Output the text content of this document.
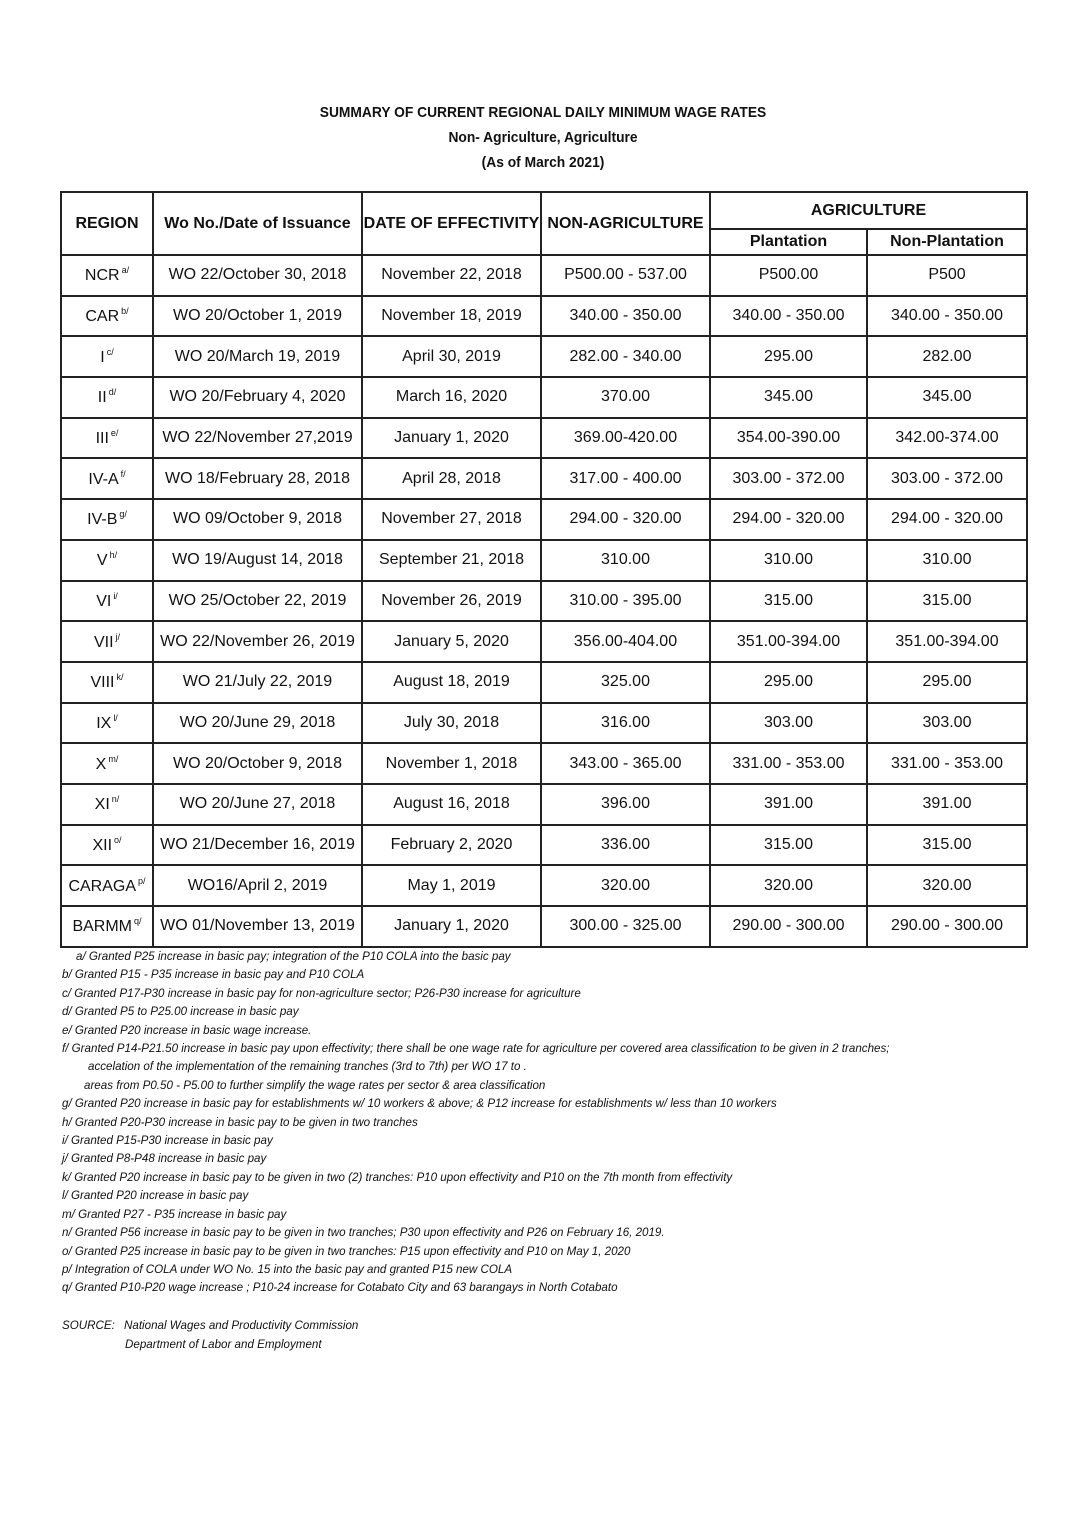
SUMMARY OF CURRENT REGIONAL DAILY MINIMUM WAGE RATES
Non- Agriculture, Agriculture
(As of March 2021)
REGION	Wo No./Date of Issuance	DATE OF EFFECTIVITY	NON-AGRICULTURE	AGRICULTURE	
				Plantation	Non-Plantation
NCR $^{a/}$	WO 22/October 30, 2018	November 22, 2018	P500.00 - 537.00	P500.00	P500
CAR $^{b/}$	WO 20/October 1, 2019	November 18, 2019	340.00 - 350.00	340.00 - 350.00	340.00 - 350.00
I $^{c/}$	WO 20/March 19, 2019	April 30, 2019	282.00 - 340.00	295.00	282.00
II $^{d/}$	WO 20/February 4, 2020	March 16, 2020	370.00	345.00	345.00
III $^{e/}$	WO 22/November 27,2019	January 1, 2020	369.00-420.00	354.00-390.00	342.00-374.00
IV-A $^{f/}$	WO 18/February 28, 2018	April 28, 2018	317.00 - 400.00	303.00 - 372.00	303.00 - 372.00
IV-B $^{g/}$	WO 09/October 9, 2018	November 27, 2018	294.00 - 320.00	294.00 - 320.00	294.00 - 320.00
V $^{h/}$	WO 19/August 14, 2018	September 21, 2018	310.00	310.00	310.00
VI $^{i/}$	WO 25/October 22, 2019	November 26, 2019	310.00 - 395.00	315.00	315.00
VII $^{j/}$	WO 22/November 26, 2019	January 5, 2020	356.00-404.00	351.00-394.00	351.00-394.00
VIII $^{k/}$	WO 21/July 22, 2019	August 18, 2019	325.00	295.00	295.00
IX $^{l/}$	WO 20/June 29, 2018	July 30, 2018	316.00	303.00	303.00
X $^{m/}$	WO 20/October 9, 2018	November 1, 2018	343.00 - 365.00	331.00 - 353.00	331.00 - 353.00
XI $^{n/}$	WO 20/June 27, 2018	August 16, 2018	396.00	391.00	391.00
XII $^{o/}$	WO 21/December 16, 2019	February 2, 2020	336.00	315.00	315.00
CARAGA $^{p/}$	WO16/April 2, 2019	May 1, 2019	320.00	320.00	320.00
BARMM $^{q/}$	WO 01/November 13, 2019	January 1, 2020	300.00 - 325.00	290.00 - 300.00	290.00 - 300.00
a/ Granted P25 increase in basic pay; integration of the P10 COLA into the basic pay
b/ Granted P15 - P35 increase in basic pay and P10 COLA
c/ Granted P17-P30 increase in basic pay for non-agriculture sector; P26-P30 increase for agriculture
d/ Granted P5 to P25.00 increase in basic pay
e/ Granted P20 increase in basic wage increase.
f/ Granted P14-P21.50 increase in basic pay upon effectivity; there shall be one wage rate for agriculture per covered area classification to be given in 2 tranches;
accelation of the implementation of the remaining tranches (3rd to 7th) per WO 17 to .
areas from P0.50 - P5.00 to further simplify the wage rates per sector & area classification
g/ Granted P20 increase in basic pay for establishments w/ 10 workers & above; & P12 increase for establishments w/ less than 10 workers
h/ Granted P20-P30 increase in basic pay to be given in two tranches
i/ Granted P15-P30 increase in basic pay
j/ Granted P8-P48 increase in basic pay
k/ Granted P20 increase in basic pay to be given in two (2) tranches: P10 upon effectivity and P10 on the 7th month from effectivity
l/ Granted P20 increase in basic pay
m/ Granted P27 - P35 increase in basic pay
n/ Granted P56 increase in basic pay to be given in two tranches; P30 upon effectivity and P26 on February 16, 2019.
o/ Granted P25 increase in basic pay to be given in two tranches: P15 upon effectivity and P10 on May 1, 2020
p/ Integration of COLA under WO No. 15 into the basic pay and granted P15 new COLA
q/ Granted P10-P20 wage increase ; P10-24 increase for Cotabato City and 63 barangays in North Cotabato
SOURCE: National Wages and Productivity Commission
Department of Labor and Employment
